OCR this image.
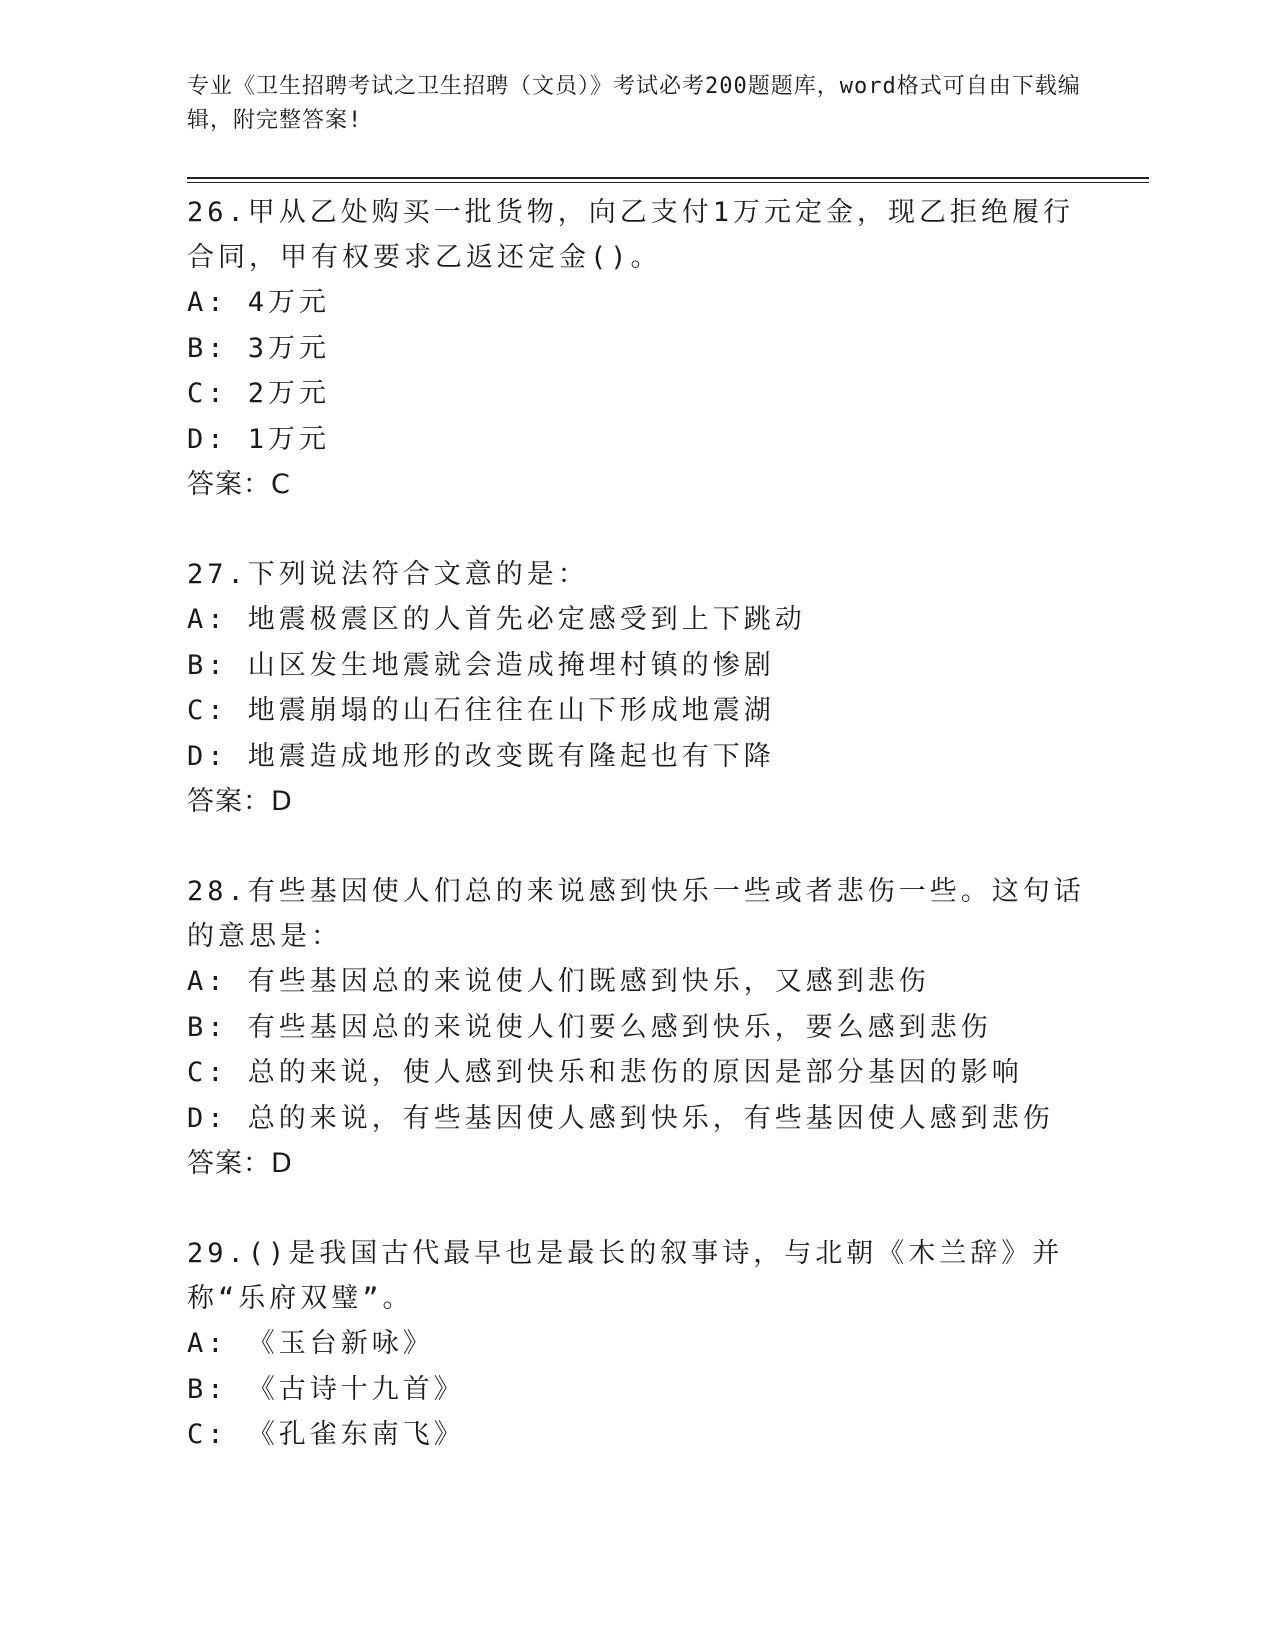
专业《卫生招聘考试之卫生招聘（文员）》考试必考200题题库，word格式可自由下载编辑，附完整答案!
26.甲从乙处购买一批货物，向乙支付1万元定金，现乙拒绝履行合同，甲有权要求乙返还定金()。
A: 4万元
B: 3万元
C: 2万元
D: 1万元
答案：C
27.下列说法符合文意的是：
A: 地震极震区的人首先必定感受到上下跳动
B: 山区发生地震就会造成掩埋村镇的惨剧
C: 地震崩塌的山石往往在山下形成地震湖
D: 地震造成地形的改变既有隆起也有下降
答案：D
28.有些基因使人们总的来说感到快乐一些或者悲伤一些。这句话的意思是：
A: 有些基因总的来说使人们既感到快乐，又感到悲伤
B: 有些基因总的来说使人们要么感到快乐，要么感到悲伤
C: 总的来说，使人感到快乐和悲伤的原因是部分基因的影响
D: 总的来说，有些基因使人感到快乐，有些基因使人感到悲伤
答案：D
29.()是我国古代最早也是最长的叙事诗，与北朝《木兰辞》并称“乐府双璧”。
A: 《玉台新咏》
B: 《古诗十九首》
C: 《孔雀东南飞》
